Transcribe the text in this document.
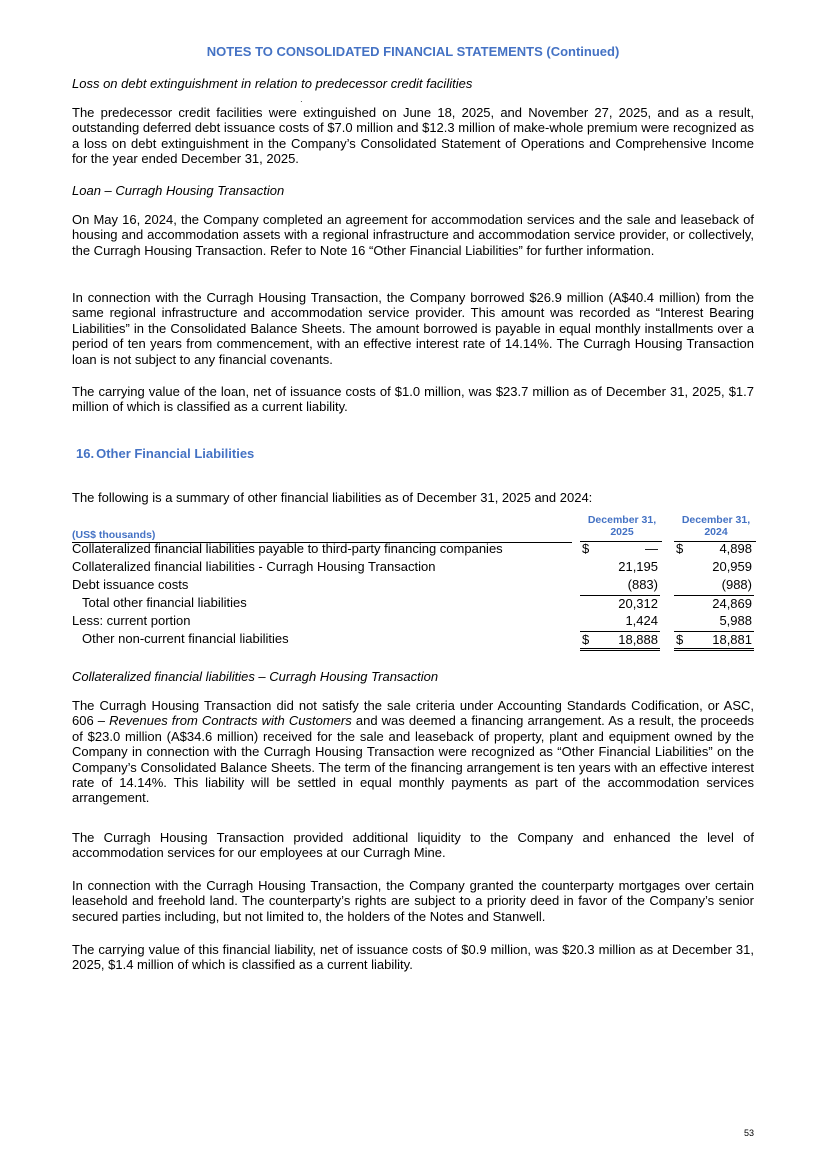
NOTES TO CONSOLIDATED FINANCIAL STATEMENTS (Continued)
Loss on debt extinguishment in relation to predecessor credit facilities
·
The predecessor credit facilities were extinguished on June 18, 2025, and November 27, 2025, and as a result, outstanding deferred debt issuance costs of $7.0 million and $12.3 million of make-whole premium were recognized as a loss on debt extinguishment in the Company’s Consolidated Statement of Operations and Comprehensive Income for the year ended December 31, 2025.
Loan – Curragh Housing Transaction
On May 16, 2024, the Company completed an agreement for accommodation services and the sale and leaseback of housing and accommodation assets with a regional infrastructure and accommodation service provider, or collectively, the Curragh Housing Transaction. Refer to Note 16 “Other Financial Liabilities” for further information.
In connection with the Curragh Housing Transaction, the Company borrowed $26.9 million (A$40.4 million) from the same regional infrastructure and accommodation service provider. This amount was recorded as “Interest Bearing Liabilities” in the Consolidated Balance Sheets. The amount borrowed is payable in equal monthly installments over a period of ten years from commencement, with an effective interest rate of 14.14%. The Curragh Housing Transaction loan is not subject to any financial covenants.
The carrying value of the loan, net of issuance costs of $1.0 million, was $23.7 million as of December 31, 2025, $1.7 million of which is classified as a current liability.
16. Other Financial Liabilities
The following is a summary of other financial liabilities as of December 31, 2025 and 2024:
December 31, 2025
December 31, 2024
(US$ thousands)
Collateralized financial liabilities payable to third-party financing companies	$	— $	4,898
Collateralized financial liabilities - Curragh Housing Transaction	21,195	20,959
Debt issuance costs	(883)	(988)
Total other financial liabilities	20,312	24,869
Less: current portion	1,424	5,988
Other non-current financial liabilities	$ 18,888 $ 18,881
Collateralized financial liabilities – Curragh Housing Transaction
The Curragh Housing Transaction did not satisfy the sale criteria under Accounting Standards Codification, or ASC, 606 – Revenues from Contracts with Customers and was deemed a financing arrangement. As a result, the proceeds of $23.0 million (A$34.6 million) received for the sale and leaseback of property, plant and equipment owned by the Company in connection with the Curragh Housing Transaction were recognized as “Other Financial Liabilities” on the Company’s Consolidated Balance Sheets. The term of the financing arrangement is ten years with an effective interest rate of 14.14%. This liability will be settled in equal monthly payments as part of the accommodation services arrangement.
The Curragh Housing Transaction provided additional liquidity to the Company and enhanced the level of accommodation services for our employees at our Curragh Mine.
In connection with the Curragh Housing Transaction, the Company granted the counterparty mortgages over certain leasehold and freehold land. The counterparty’s rights are subject to a priority deed in favor of the Company’s senior secured parties including, but not limited to, the holders of the Notes and Stanwell.
The carrying value of this financial liability, net of issuance costs of $0.9 million, was $20.3 million as at December 31, 2025, $1.4 million of which is classified as a current liability.
53
